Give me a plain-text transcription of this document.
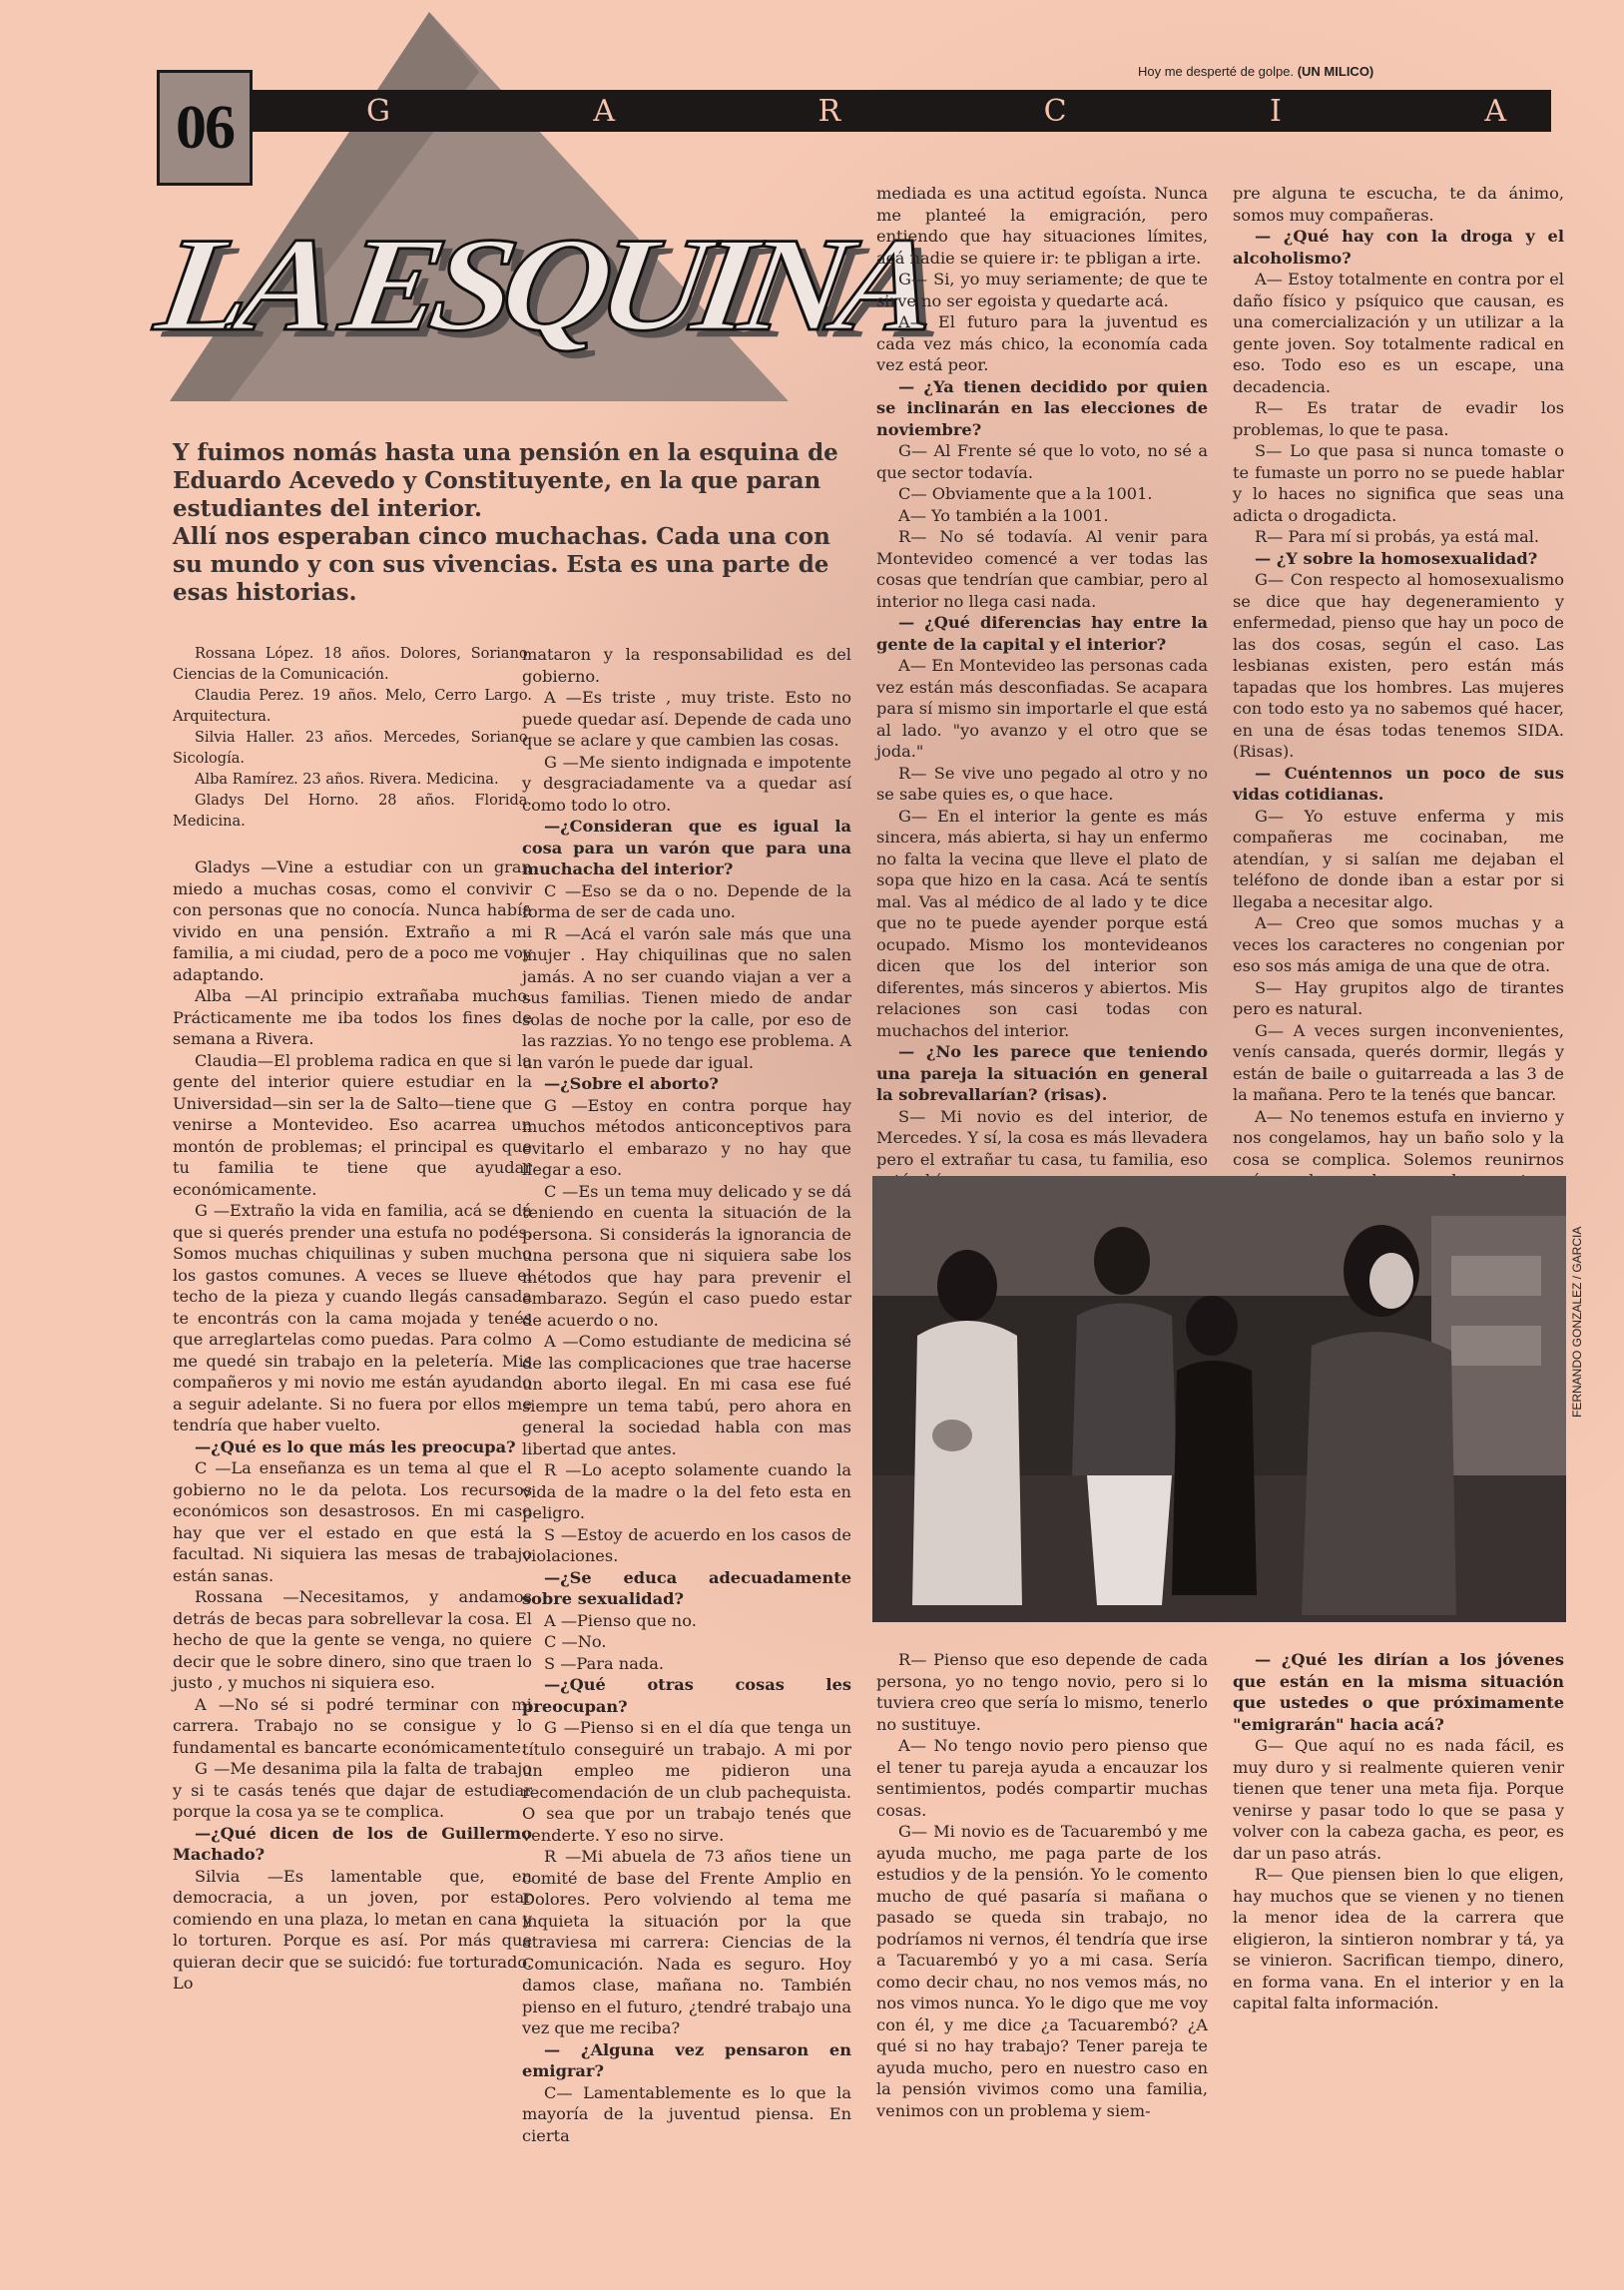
Hoy me desperté de golpe. (UN MILICO)
06	G	A	R	C	I	A
LA ESQUINA

Y fuimos nomás hasta una pensión en la esquina de Eduardo Acevedo y Constituyente, en la que paran estudiantes del interior.

Allí nos esperaban cinco muchachas. Cada una con su mundo y con sus vivencias. Esta es una parte de esas historias.

Rossana López. 18 años. Dolores, Soriano. Ciencias de la Comunicación.

Claudia Perez. 19 años. Melo, Cerro Largo. Arquitectura.

Silvia Haller. 23 años. Mercedes, Soriano. Sicología.

Alba Ramírez. 23 años. Rivera. Medicina.

Gladys Del Horno. 28 años. Florida. Medicina.

Gladys —Vine a estudiar con un gran miedo a muchas cosas, como el convivir con personas que no conocía. Nunca había vivido en una pensión. Extraño a mi familia, a mi ciudad, pero de a poco me voy adaptando.

Alba —Al principio extrañaba mucho. Prácticamente me iba todos los fines de semana a Rivera.

Claudia—El problema radica en que si la gente del interior quiere estudiar en la Universidad—sin ser la de Salto—tiene que venirse a Montevideo. Eso acarrea un montón de problemas; el principal es que tu familia te tiene que ayudar económicamente.

G —Extraño la vida en familia, acá se dá que si querés prender una estufa no podés. Somos muchas chiquilinas y suben mucho los gastos comunes. A veces se llueve el techo de la pieza y cuando llegás cansada te encontrás con la cama mojada y tenés que arreglartelas como puedas. Para colmo me quedé sin trabajo en la peletería. Mis compañeros y mi novio me están ayudando a seguir adelante. Si no fuera por ellos me tendría que haber vuelto.

—¿Qué es lo que más les preocupa?

C —La enseñanza es un tema al que el gobierno no le da pelota. Los recursos económicos son desastrosos. En mi caso hay que ver el estado en que está la facultad. Ni siquiera las mesas de trabajo están sanas.

Rossana —Necesitamos, y andamos detrás de becas para sobrellevar la cosa. El hecho de que la gente se venga, no quiere decir que le sobre dinero, sino que traen lo justo , y muchos ni siquiera eso.

A —No sé si podré terminar con mi carrera. Trabajo no se consigue y lo fundamental es bancarte económicamente.

G —Me desanima pila la falta de trabajo y si te casás tenés que dajar de estudiar porque la cosa ya se te complica.

—¿Qué dicen de los de Guillermo Machado?

Silvia —Es lamentable que, en democracia, a un joven, por estar comiendo en una plaza, lo metan en cana y lo torturen. Porque es así. Por más que quieran decir que se suicidó: fue torturado. Lo

mataron y la responsabilidad es del gobierno.

A —Es triste , muy triste. Esto no puede quedar así. Depende de cada uno que se aclare y que cambien las cosas.

G —Me siento indignada e impotente y desgraciadamente va a quedar así como todo lo otro.

—¿Consideran que es igual la cosa para un varón que para una muchacha del interior?

C —Eso se da o no. Depende de la forma de ser de cada uno.

R —Acá el varón sale más que una mujer . Hay chiquilinas que no salen jamás. A no ser cuando viajan a ver a sus familias. Tienen miedo de andar solas de noche por la calle, por eso de las razzias. Yo no tengo ese problema. A un varón le puede dar igual.

—¿Sobre el aborto?

G —Estoy en contra porque hay muchos métodos anticonceptivos para evitarlo el embarazo y no hay que llegar a eso.

C —Es un tema muy delicado y se dá teniendo en cuenta la situación de la persona. Si considerás la ignorancia de una persona que ni siquiera sabe los métodos que hay para prevenir el embarazo. Según el caso puedo estar de acuerdo o no.

A —Como estudiante de medicina sé de las complicaciones que trae hacerse un aborto ilegal. En mi casa ese fué siempre un tema tabú, pero ahora en general la sociedad habla con mas libertad que antes.

R —Lo acepto solamente cuando la vida de la madre o la del feto esta en peligro.

S —Estoy de acuerdo en los casos de violaciones.

—¿Se educa adecuadamente sobre sexualidad?

A —Pienso que no.

C —No.

S —Para nada.

—¿Qué otras cosas les preocupan?

G —Pienso si en el día que tenga un título conseguiré un trabajo. A mi por un empleo me pidieron una recomendación de un club pachequista. O sea que por un trabajo tenés que venderte. Y eso no sirve.

R —Mi abuela de 73 años tiene un comité de base del Frente Amplio en Dolores. Pero volviendo al tema me inquieta la situación por la que atraviesa mi carrera: Ciencias de la Comunicación. Nada es seguro. Hoy damos clase, mañana no. También pienso en el futuro, ¿tendré trabajo una vez que me reciba?

— ¿Alguna vez pensaron en emigrar?

C— Lamentablemente es lo que la mayoría de la juventud piensa. En cierta

mediada es una actitud egoísta. Nunca me planteé la emigración, pero entiendo que hay situaciones límites, acá nadie se quiere ir: te pbligan a irte.

G— Si, yo muy seriamente; de que te sirve no ser egoista y quedarte acá.

A— El futuro para la juventud es cada vez más chico, la economía cada vez está peor.

— ¿Ya tienen decidido por quien se inclinarán en las elecciones de noviembre?

G— Al Frente sé que lo voto, no sé a que sector todavía.

C— Obviamente que a la 1001.

A— Yo también a la 1001.

R— No sé todavía. Al venir para Montevideo comencé a ver todas las cosas que tendrían que cambiar, pero al interior no llega casi nada.

— ¿Qué diferencias hay entre la gente de la capital y el interior?

A— En Montevideo las personas cada vez están más desconfiadas. Se acapara para sí mismo sin importarle el que está al lado. "yo avanzo y el otro que se joda."

R— Se vive uno pegado al otro y no se sabe quies es, o que hace.

G— En el interior la gente es más sincera, más abierta, si hay un enfermo no falta la vecina que lleve el plato de sopa que hizo en la casa. Acá te sentís mal. Vas al médico de al lado y te dice que no te puede ayender porque está ocupado. Mismo los montevideanos dicen que los del interior son diferentes, más sinceros y abiertos. Mis relaciones son casi todas con muchachos del interior.

— ¿No les parece que teniendo una pareja la situación en general la sobrevallarían? (risas).

S— Mi novio es del interior, de Mercedes. Y sí, la cosa es más llevadera pero el extrañar tu casa, tu familia, eso

pre alguna te escucha, te da ánimo, somos muy compañeras.

— ¿Qué hay con la droga y el alcoholismo?

A— Estoy totalmente en contra por el daño físico y psíquico que causan, es una comercialización y un utilizar a la gente joven. Soy totalmente radical en eso. Todo eso es un escape, una decadencia.

R— Es tratar de evadir los problemas, lo que te pasa.

S— Lo que pasa si nunca tomaste o te fumaste un porro no se puede hablar y lo haces no significa que seas una adicta o drogadicta.

R— Para mí si probás, ya está mal.

— ¿Y sobre la homosexualidad?

G— Con respecto al homosexualismo se dice que hay degeneramiento y enfermedad, pienso que hay un poco de las dos cosas, según el caso. Las lesbianas existen, pero están más tapadas que los hombres. Las mujeres con todo esto ya no sabemos qué hacer, en una de ésas todas tenemos SIDA. (Risas).

— Cuéntennos un poco de sus vidas cotidianas.

G— Yo estuve enferma y mis compañeras me cocinaban, me atendían, y si salían me dejaban el teléfono de donde iban a estar por si llegaba a necesitar algo.

A— Creo que somos muchas y a veces los caracteres no congenian por eso sos más amiga de una que de otra.

S— Hay grupitos algo de tirantes pero es natural.

G— A veces surgen inconvenientes, venís cansada, querés dormir, llegás y están de baile o guitarreada a las 3 de la mañana. Pero te la tenés que bancar.

A— No tenemos estufa en invierno y nos congelamos, hay un baño solo y la cosa se complica. Solemos reunirnos

FERNANDO GONZALEZ / GARCIA

R— Pienso que eso depende de cada persona, yo no tengo novio, pero si lo tuviera creo que sería lo mismo, tenerlo no sustituye.

A— No tengo novio pero pienso que el tener tu pareja ayuda a encauzar los sentimientos, podés compartir muchas cosas.

G— Mi novio es de Tacuarembó y me ayuda mucho, me paga parte de los estudios y de la pensión. Yo le comento mucho de qué pasaría si mañana o pasado se queda sin trabajo, no podríamos ni vernos, él tendría que irse a Tacuarembó y yo a mi casa. Sería como decir chau, no nos vemos más, no nos vimos nunca. Yo le digo que me voy con él, y me dice ¿a Tacuarembó? ¿A qué si no hay trabajo? Tener pareja te ayuda mucho, pero en nuestro caso en la pensión vivimos como una familia, venimos con un problema y siem-

— ¿Qué les dirían a los jóvenes que están en la misma situación que ustedes o que próximamente "emigrarán" hacia acá?

G— Que aquí no es nada fácil, es muy duro y si realmente quieren venir tienen que tener una meta fija. Porque venirse y pasar todo lo que se pasa y volver con la cabeza gacha, es peor, es dar un paso atrás.

R— Que piensen bien lo que eligen, hay muchos que se vienen y no tienen la menor idea de la carrera que eligieron, la sintieron nombrar y tá, ya se vinieron. Sacrifican tiempo, dinero, en forma vana. En el interior y en la capital falta información.
